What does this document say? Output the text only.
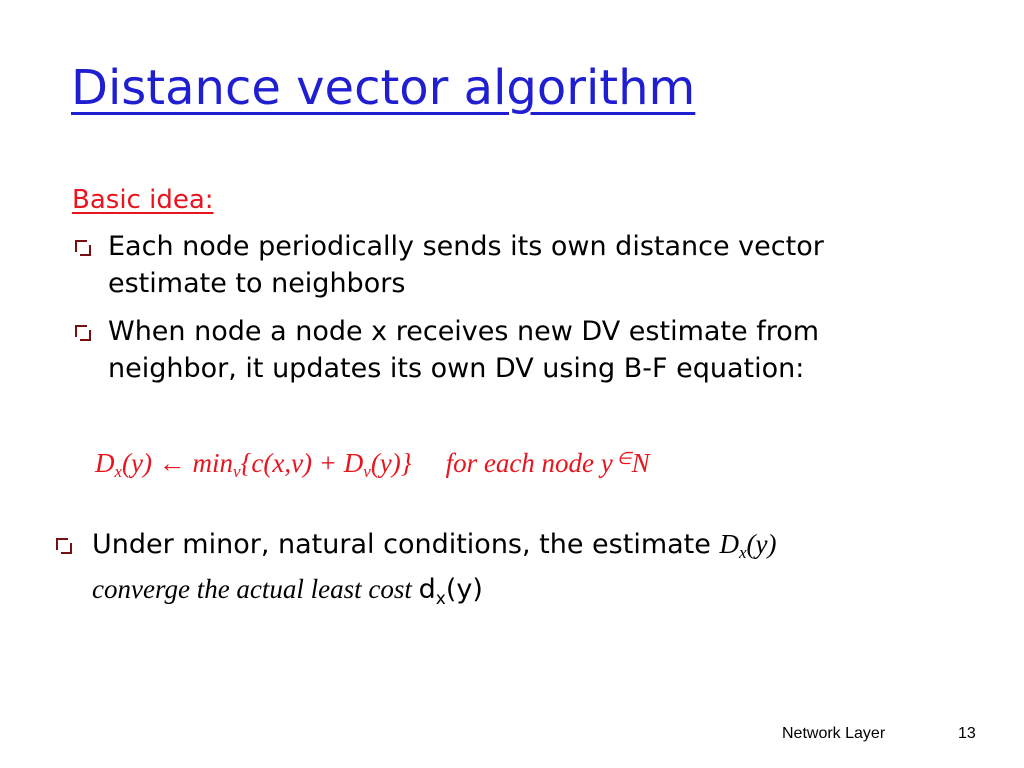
Distance vector algorithm
Basic idea:
Each node periodically sends its own distance vector estimate to neighbors
When node a node x receives new DV estimate from neighbor, it updates its own DV using B-F equation:
$D_x(y)$ ← $\min_v\{c(x,v) + D_v(y)\}$ for each node y ∈N
Under minor, natural conditions, the estimate $D_x(y)$
converge the actual least cost $d_x(y)$
Network Layer	13
